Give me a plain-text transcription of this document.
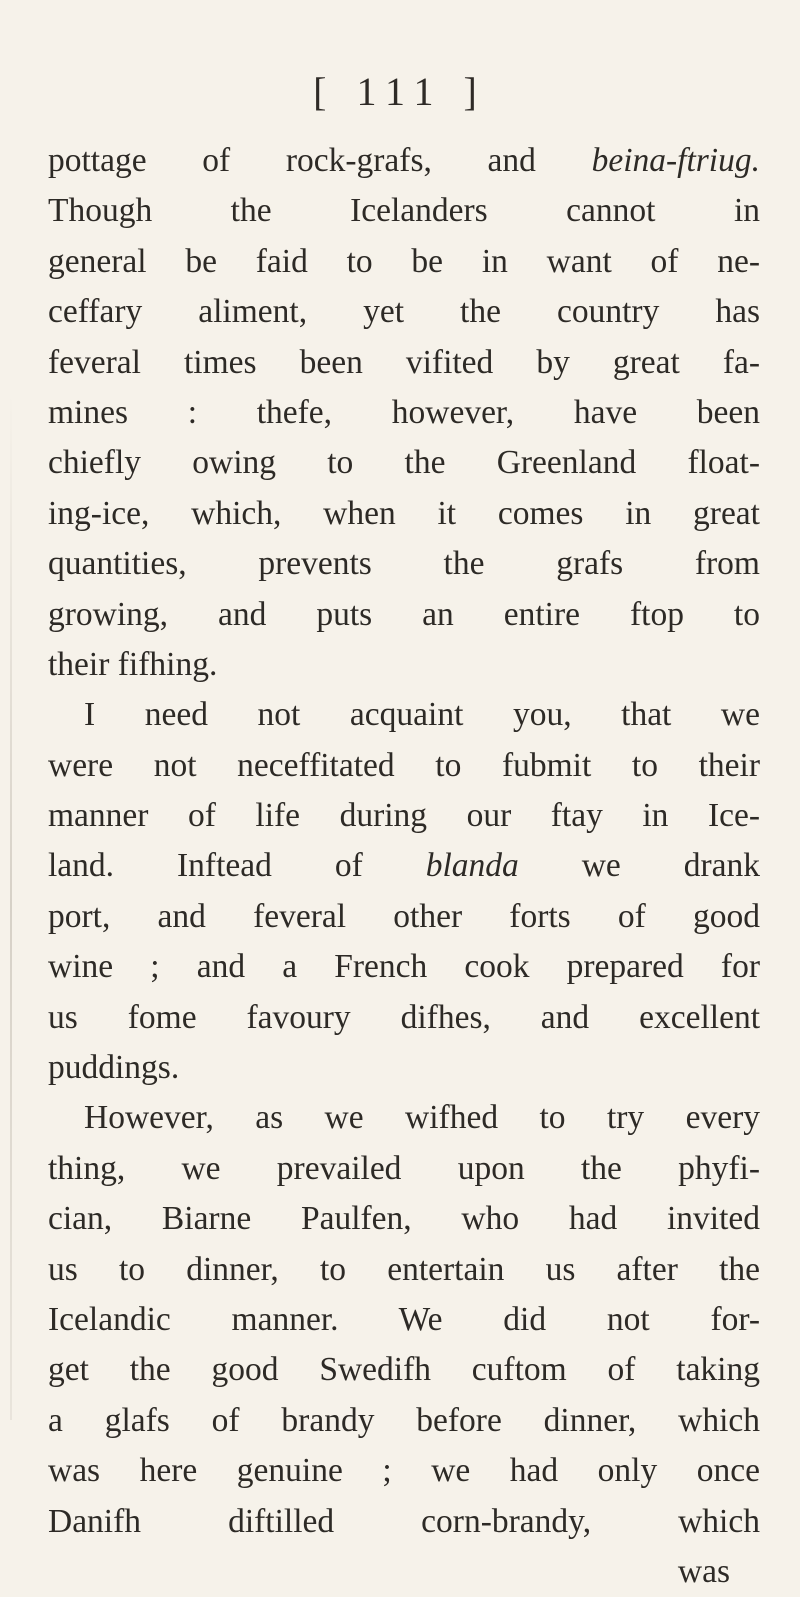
[ 111 ]
pottage of rock-grafs, and beina-ftriug.
Though the Icelanders cannot in
general be faid to be in want of ne-
ceffary aliment, yet the country has
feveral times been vifited by great fa-
mines : thefe, however, have been
chiefly owing to the Greenland float-
ing-ice, which, when it comes in great
quantities, prevents the grafs from
growing, and puts an entire ftop to
their fifhing.
I need not acquaint you, that we
were not neceffitated to fubmit to their
manner of life during our ftay in Ice-
land. Inftead of blanda we drank
port, and feveral other forts of good
wine ; and a French cook prepared for
us fome favoury difhes, and excellent
puddings.
However, as we wifhed to try every
thing, we prevailed upon the phyfi-
cian, Biarne Paulfen, who had invited
us to dinner, to entertain us after the
Icelandic manner. We did not for-
get the good Swedifh cuftom of taking
a glafs of brandy before dinner, which
was here genuine ; we had only once
Danifh diftilled corn-brandy, which
was
